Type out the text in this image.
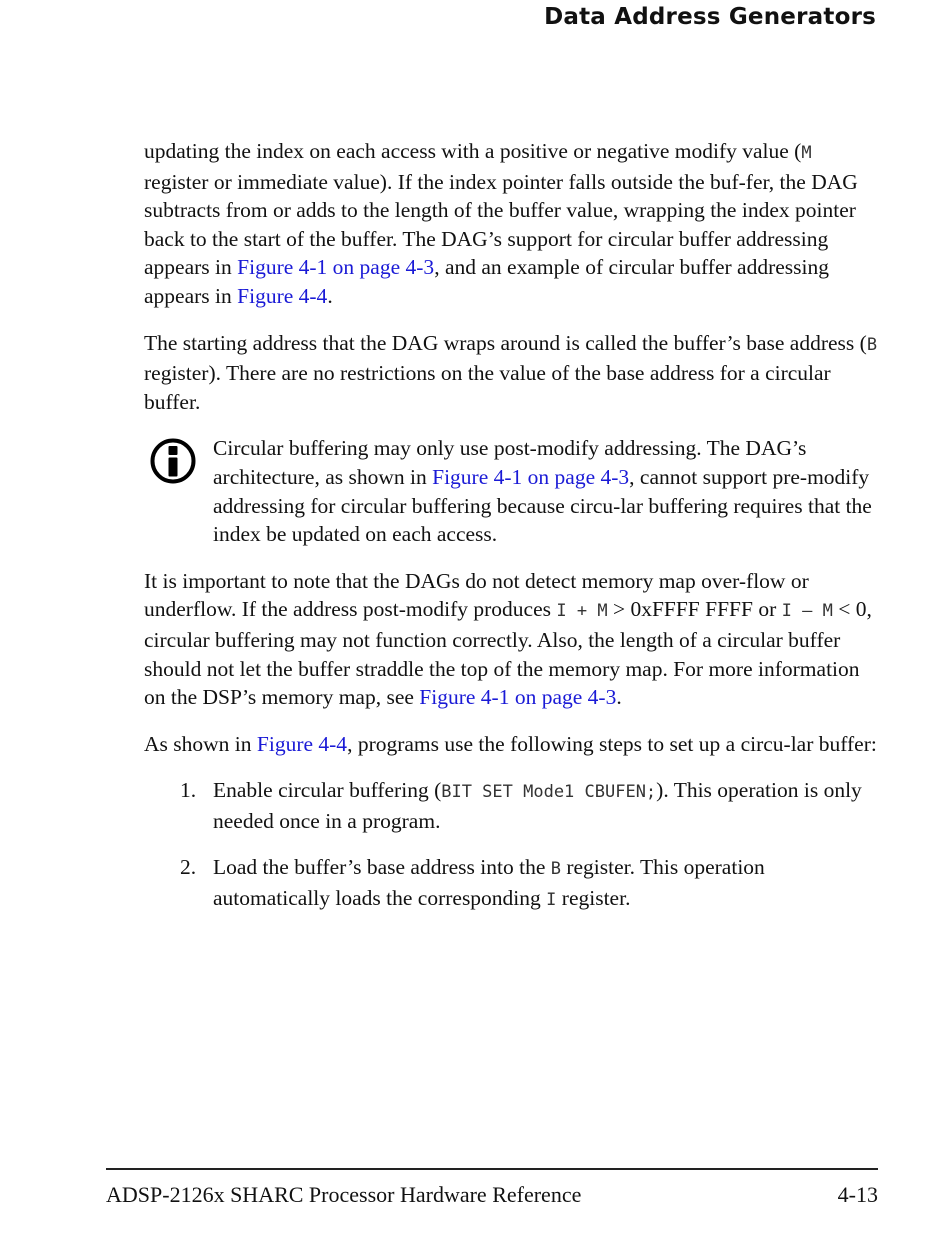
Data Address Generators

updating the index on each access with a positive or negative modify value (M register or immediate value). If the index pointer falls outside the buf-fer, the DAG subtracts from or adds to the length of the buffer value, wrapping the index pointer back to the start of the buffer. The DAG’s support for circular buffer addressing appears in Figure 4-1 on page 4-3, and an example of circular buffer addressing appears in Figure 4-4.

The starting address that the DAG wraps around is called the buffer’s base address (B register). There are no restrictions on the value of the base address for a circular buffer.

Circular buffering may only use post-modify addressing. The DAG’s architecture, as shown in Figure 4-1 on page 4-3, cannot support pre-modify addressing for circular buffering because circu-lar buffering requires that the index be updated on each access.

It is important to note that the DAGs do not detect memory map over-flow or underflow. If the address post-modify produces I + M > 0xFFFF FFFF or I – M < 0, circular buffering may not function correctly. Also, the length of a circular buffer should not let the buffer straddle the top of the memory map. For more information on the DSP’s memory map, see Figure 4-1 on page 4-3.

As shown in Figure 4-4, programs use the following steps to set up a circu-lar buffer:

1. Enable circular buffering (BIT SET Mode1 CBUFEN;). This operation is only needed once in a program.
2. Load the buffer’s base address into the B register. This operation automatically loads the corresponding I register.
ADSP-2126x SHARC Processor Hardware Reference	4-13
